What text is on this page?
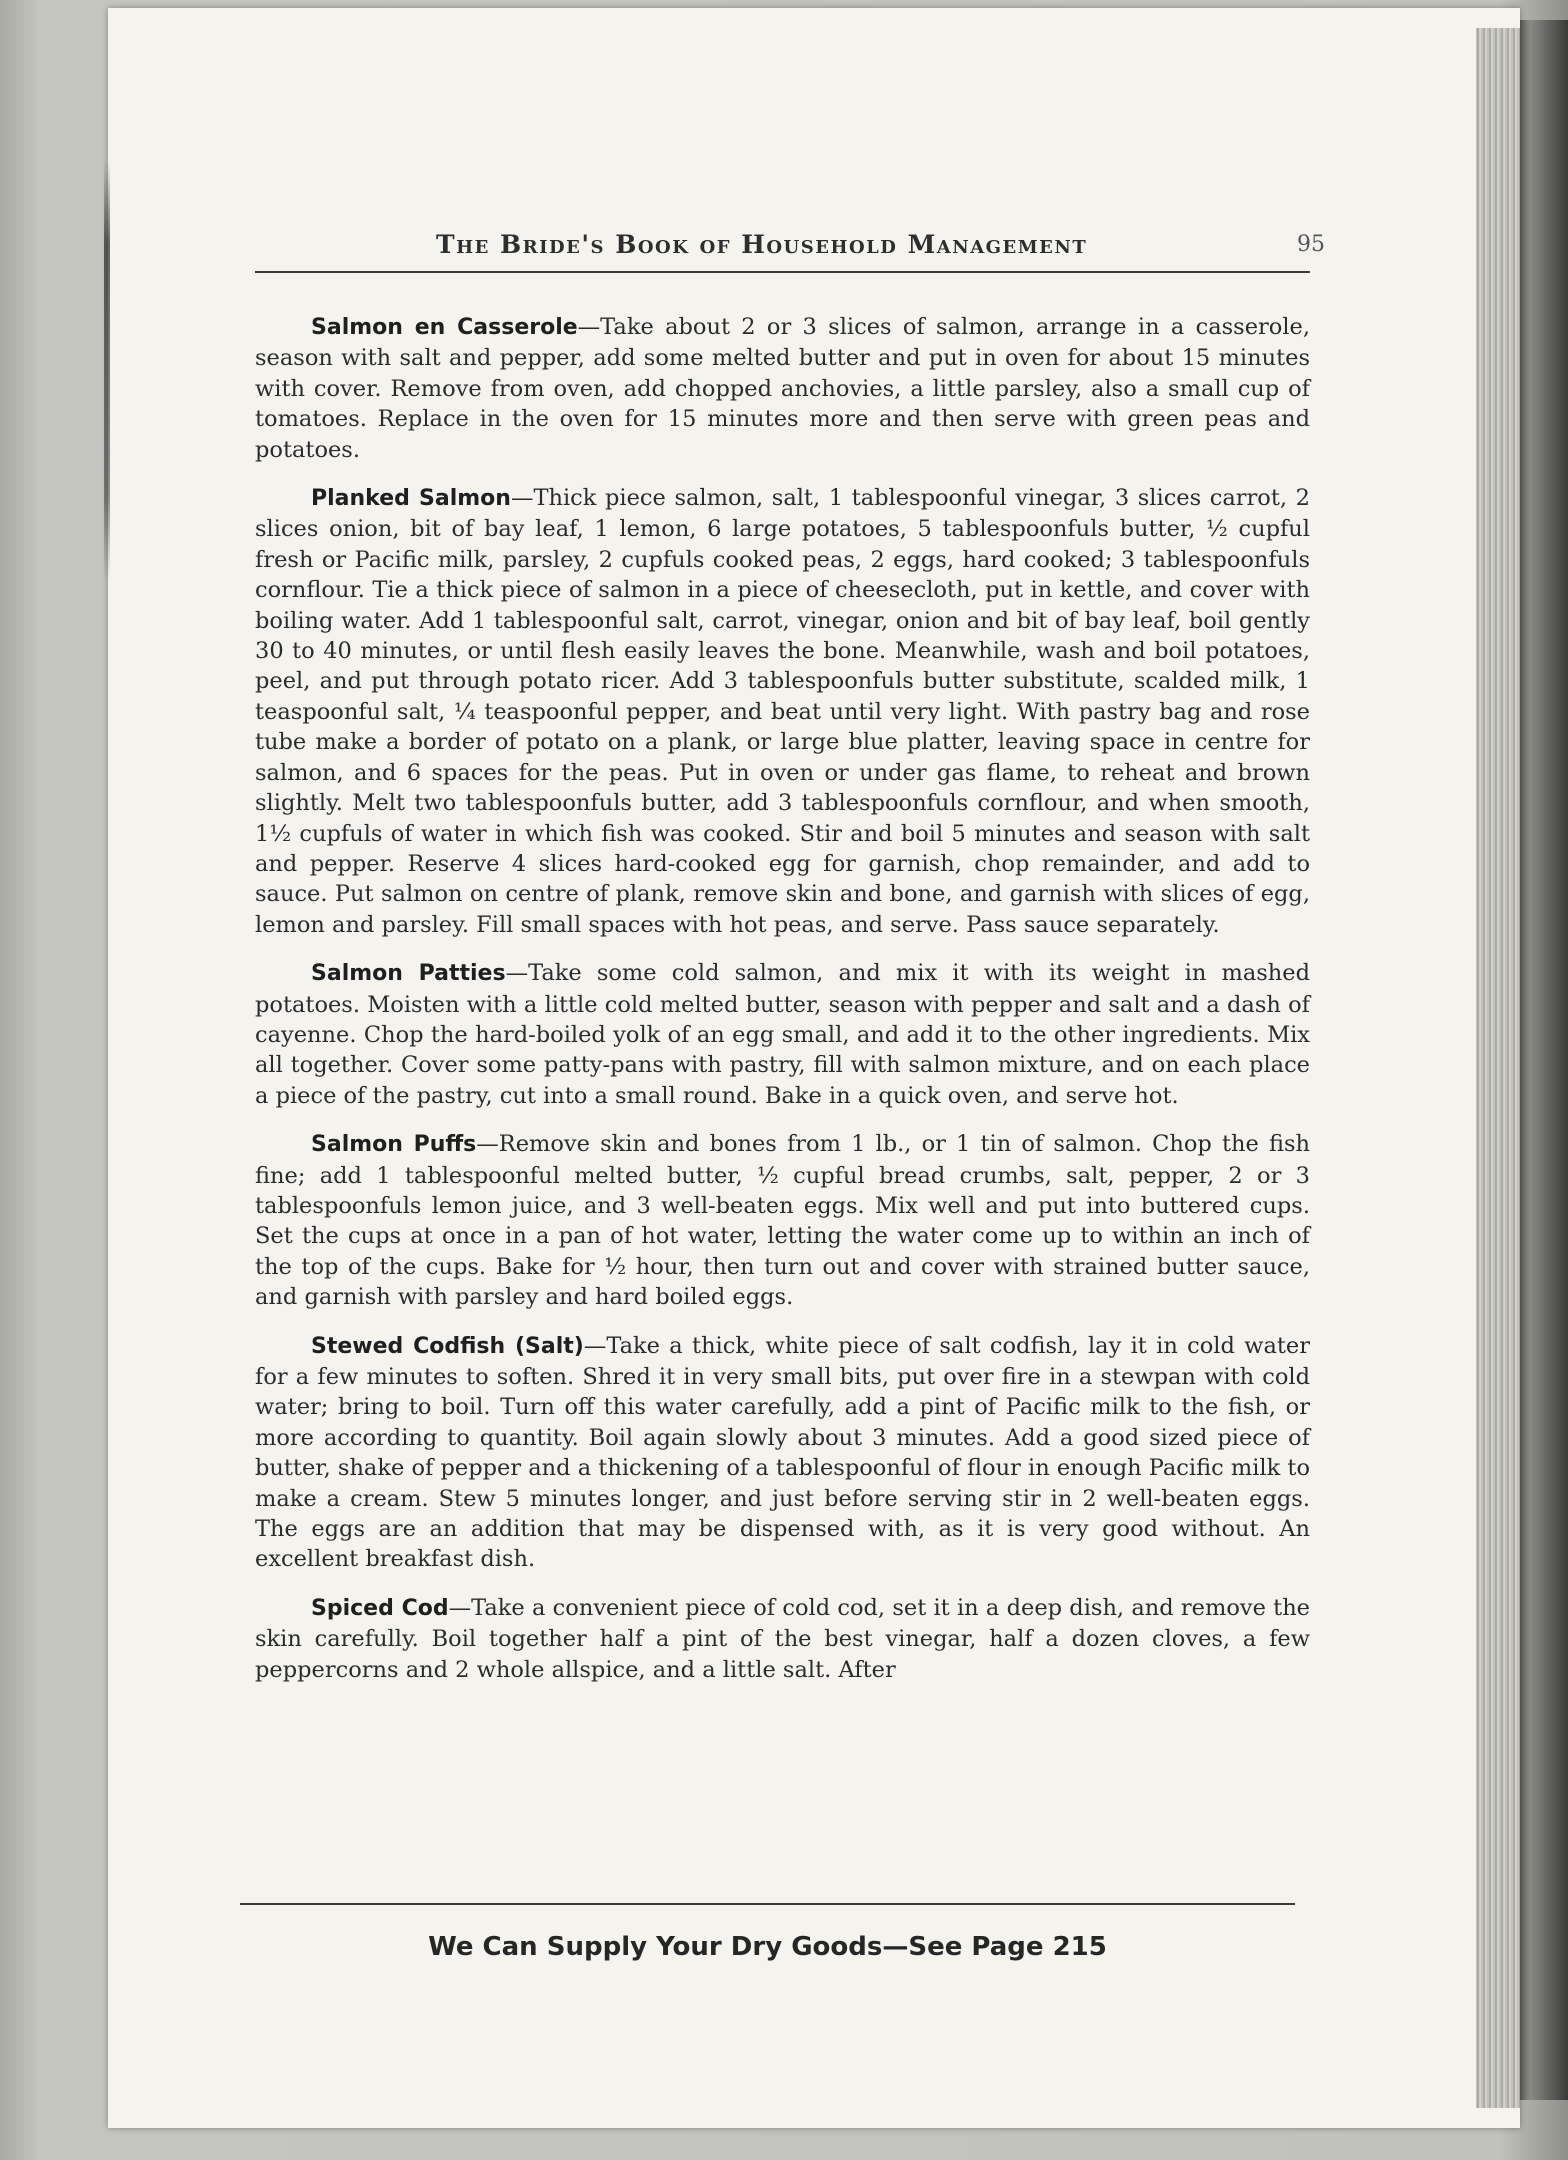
The Bride's Book of Household Management	95

Salmon en Casserole—Take about 2 or 3 slices of salmon, arrange in a casserole, season with salt and pepper, add some melted butter and put in oven for about 15 minutes with cover. Remove from oven, add chopped anchovies, a little parsley, also a small cup of tomatoes. Replace in the oven for 15 minutes more and then serve with green peas and potatoes.

Planked Salmon—Thick piece salmon, salt, 1 tablespoonful vinegar, 3 slices carrot, 2 slices onion, bit of bay leaf, 1 lemon, 6 large potatoes, 5 tablespoonfuls butter, ½ cupful fresh or Pacific milk, parsley, 2 cupfuls cooked peas, 2 eggs, hard cooked; 3 tablespoonfuls cornflour. Tie a thick piece of salmon in a piece of cheesecloth, put in kettle, and cover with boiling water. Add 1 tablespoonful salt, carrot, vinegar, onion and bit of bay leaf, boil gently 30 to 40 minutes, or until flesh easily leaves the bone. Meanwhile, wash and boil potatoes, peel, and put through potato ricer. Add 3 tablespoonfuls butter substitute, scalded milk, 1 teaspoonful salt, ¼ teaspoonful pepper, and beat until very light. With pastry bag and rose tube make a border of potato on a plank, or large blue platter, leaving space in centre for salmon, and 6 spaces for the peas. Put in oven or under gas flame, to reheat and brown slightly. Melt two tablespoonfuls butter, add 3 tablespoonfuls cornflour, and when smooth, 1½ cupfuls of water in which fish was cooked. Stir and boil 5 minutes and season with salt and pepper. Reserve 4 slices hard-cooked egg for garnish, chop remainder, and add to sauce. Put salmon on centre of plank, remove skin and bone, and garnish with slices of egg, lemon and parsley. Fill small spaces with hot peas, and serve. Pass sauce separately.

Salmon Patties—Take some cold salmon, and mix it with its weight in mashed potatoes. Moisten with a little cold melted butter, season with pepper and salt and a dash of cayenne. Chop the hard-boiled yolk of an egg small, and add it to the other ingredients. Mix all together. Cover some patty-pans with pastry, fill with salmon mixture, and on each place a piece of the pastry, cut into a small round. Bake in a quick oven, and serve hot.

Salmon Puffs—Remove skin and bones from 1 lb., or 1 tin of salmon. Chop the fish fine; add 1 tablespoonful melted butter, ½ cupful bread crumbs, salt, pepper, 2 or 3 tablespoonfuls lemon juice, and 3 well-beaten eggs. Mix well and put into buttered cups. Set the cups at once in a pan of hot water, letting the water come up to within an inch of the top of the cups. Bake for ½ hour, then turn out and cover with strained butter sauce, and garnish with parsley and hard boiled eggs.

Stewed Codfish (Salt)—Take a thick, white piece of salt codfish, lay it in cold water for a few minutes to soften. Shred it in very small bits, put over fire in a stewpan with cold water; bring to boil. Turn off this water carefully, add a pint of Pacific milk to the fish, or more according to quantity. Boil again slowly about 3 minutes. Add a good sized piece of butter, shake of pepper and a thickening of a tablespoonful of flour in enough Pacific milk to make a cream. Stew 5 minutes longer, and just before serving stir in 2 well-beaten eggs. The eggs are an addition that may be dispensed with, as it is very good without. An excellent breakfast dish.

Spiced Cod—Take a convenient piece of cold cod, set it in a deep dish, and remove the skin carefully. Boil together half a pint of the best vinegar, half a dozen cloves, a few peppercorns and 2 whole allspice, and a little salt. After

We Can Supply Your Dry Goods—See Page 215
